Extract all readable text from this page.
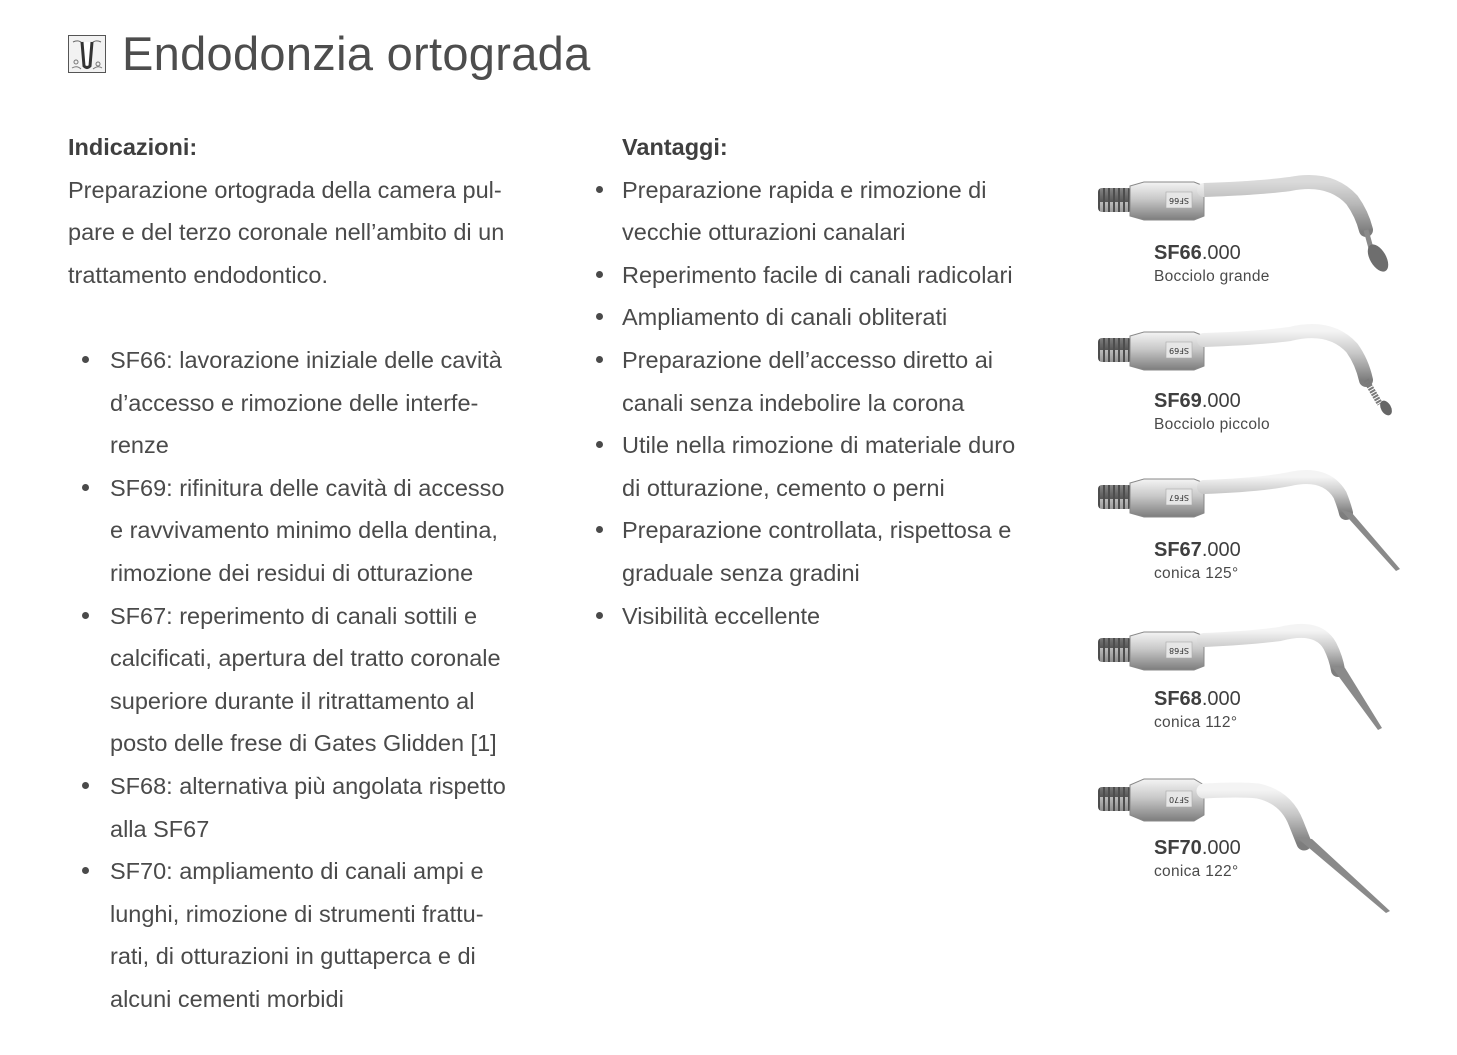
Endodonzia ortograda

Indicazioni:

Preparazione ortograda della camera pul-
pare e del terzo coronale nell’ambito di un
trattamento endodontico.

SF66: lavorazione iniziale delle cavità
d’accesso e rimozione delle interfe-
renze
SF69: rifinitura delle cavità di accesso
e ravvivamento minimo della dentina,
rimozione dei residui di otturazione
SF67: reperimento di canali sottili e
calcificati, apertura del tratto coronale
superiore durante il ritrattamento al
posto delle frese di Gates Glidden [1]
SF68: alternativa più angolata rispetto
alla SF67
SF70: ampliamento di canali ampi e
lunghi, rimozione di strumenti frattu-
rati, di otturazioni in guttaperca e di
alcuni cementi morbidi

Vantaggi:

Preparazione rapida e rimozione di
vecchie otturazioni canalari
Reperimento facile di canali radicolari
Ampliamento di canali obliterati
Preparazione dell’accesso diretto ai
canali senza indebolire la corona
Utile nella rimozione di materiale duro
di otturazione, cemento o perni
Preparazione controllata, rispettosa e
graduale senza gradini
Visibilità eccellente
SF66
SF66.000
Bocciolo grande
SF69
SF69.000
Bocciolo piccolo
SF67
SF67.000
conica 125°
SF68
SF68.000
conica 112°
SF70
SF70.000
conica 122°
